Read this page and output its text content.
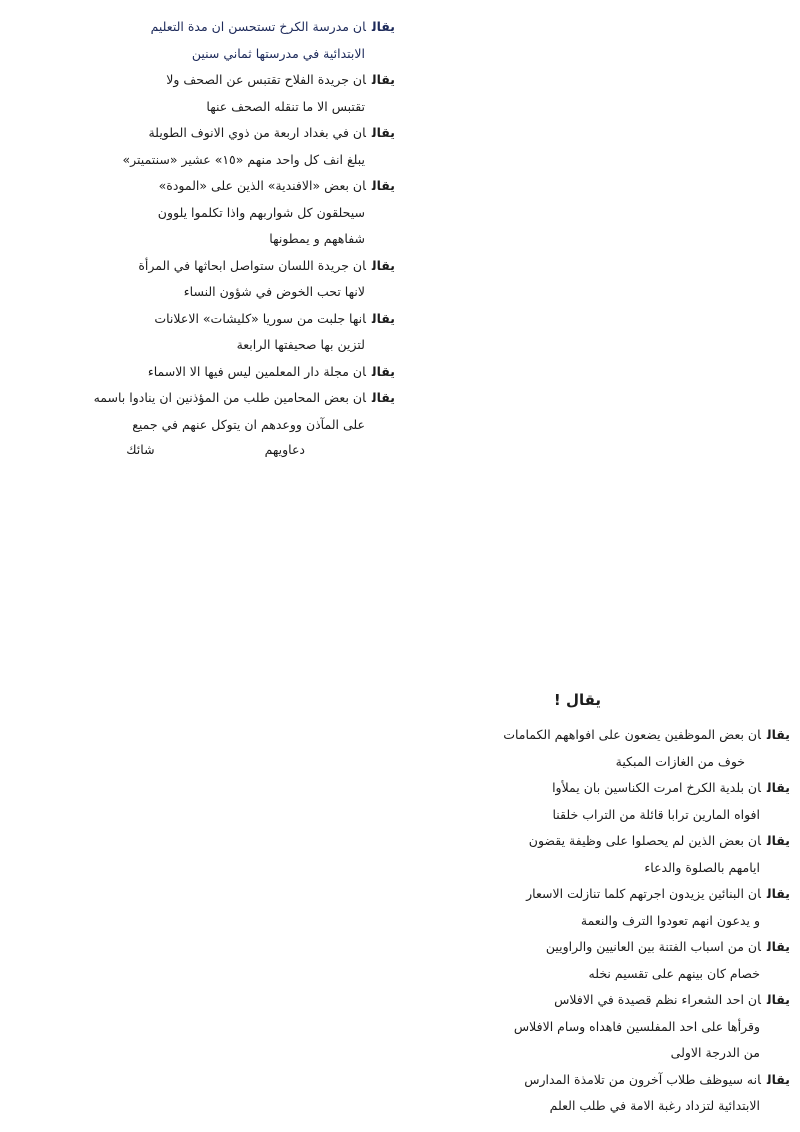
يقالان مدرسة الكرخ تستحسن ان مدة التعليم
الابتدائية في مدرستها ثماني سنين
يقالان جريدة الفلاح تقتبس عن الصحف ولا
تقتبس الا ما تنقله الصحف عنها
يقالان في بغداد اربعة من ذوي الانوف الطويلة
يبلغ انف كل واحد منهم «١٥» عشير «سنتميتر»
يقالان بعض «الافندية» الذين على «المودة»
سيحلقون كل شواربهم واذا تكلموا يلوون
شفاههم و يمطونها
يقالان جريدة اللسان ستواصل ابحاثها في المرأة
لانها تحب الخوض في شؤون النساء
يقالانها جلبت من سوريا «كليشات» الاعلانات
لتزين بها صحيفتها الرابعة
يقالان مجلة دار المعلمين ليس فيها الا الاسماء
يقالان بعض المحامين طلب من المؤذنين ان ينادوا باسمه
على المآذن ووعدهم ان يتوكل عنهم في جميع
دعاويهم
شائك
يقال !
يقالان بعض الموظفين يضعون على افواههم الكمامات
خوف من الغازات المبكية
يقالان بلدية الكرخ امرت الكناسين بان يملأوا
افواه المارين ترابا قائلة من التراب خلقنا
يقالان بعض الذين لم يحصلوا على وظيفة يقضون
ايامهم بالصلوة والدعاء
يقالان البنائين يزيدون اجرتهم كلما تنازلت الاسعار
و يدعون انهم تعودوا الترف والنعمة
يقالان من اسباب الفتنة بين العانيين والراويين
خصام كان بينهم على تقسيم نخله
يقالان احد الشعراء نظم قصيدة في الافلاس
وقرأها على احد المفلسين فاهداه وسام الافلاس
من الدرجة الاولى
يقالانه سيوظف طلاب آخرون من تلامذة المدارس
الابتدائية لتزداد رغبة الامة في طلب العلم
